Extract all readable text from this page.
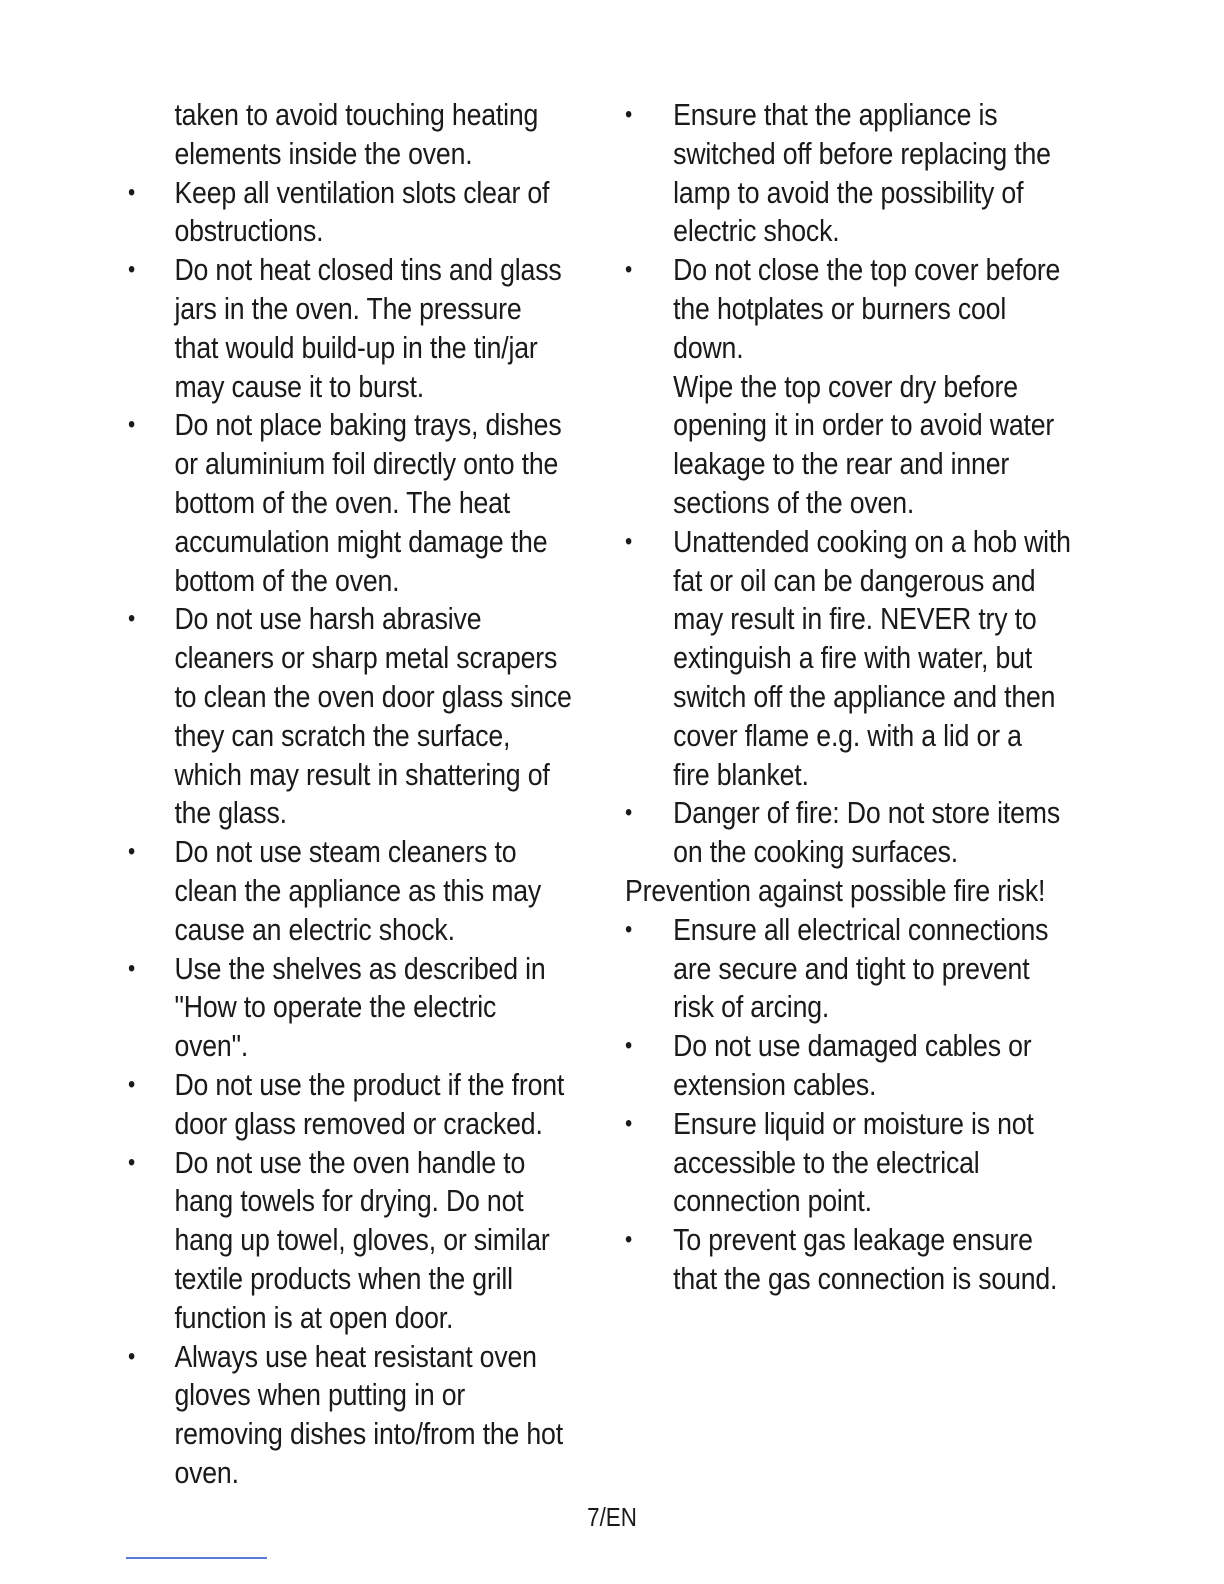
taken to avoid touching heating
elements inside the oven.
• Keep all ventilation slots clear of
obstructions.
• Do not heat closed tins and glass
jars in the oven. The pressure
that would build-up in the tin/jar
may cause it to burst.
• Do not place baking trays, dishes
or aluminium foil directly onto the
bottom of the oven. The heat
accumulation might damage the
bottom of the oven.
• Do not use harsh abrasive
cleaners or sharp metal scrapers
to clean the oven door glass since
they can scratch the surface,
which may result in shattering of
the glass.
• Do not use steam cleaners to
clean the appliance as this may
cause an electric shock.
• Use the shelves as described in
"How to operate the electric
oven".
• Do not use the product if the front
door glass removed or cracked.
• Do not use the oven handle to
hang towels for drying. Do not
hang up towel, gloves, or similar
textile products when the grill
function is at open door.
• Always use heat resistant oven
gloves when putting in or
removing dishes into/from the hot
oven.
• Ensure that the appliance is
switched off before replacing the
lamp to avoid the possibility of
electric shock.
• Do not close the top cover before
the hotplates or burners cool
down.
Wipe the top cover dry before
opening it in order to avoid water
leakage to the rear and inner
sections of the oven.
• Unattended cooking on a hob with
fat or oil can be dangerous and
may result in fire. NEVER try to
extinguish a fire with water, but
switch off the appliance and then
cover flame e.g. with a lid or a
fire blanket.
• Danger of fire: Do not store items
on the cooking surfaces.
Prevention against possible fire risk!
• Ensure all electrical connections
are secure and tight to prevent
risk of arcing.
• Do not use damaged cables or
extension cables.
• Ensure liquid or moisture is not
accessible to the electrical
connection point.
• To prevent gas leakage ensure
that the gas connection is sound.
7/EN
